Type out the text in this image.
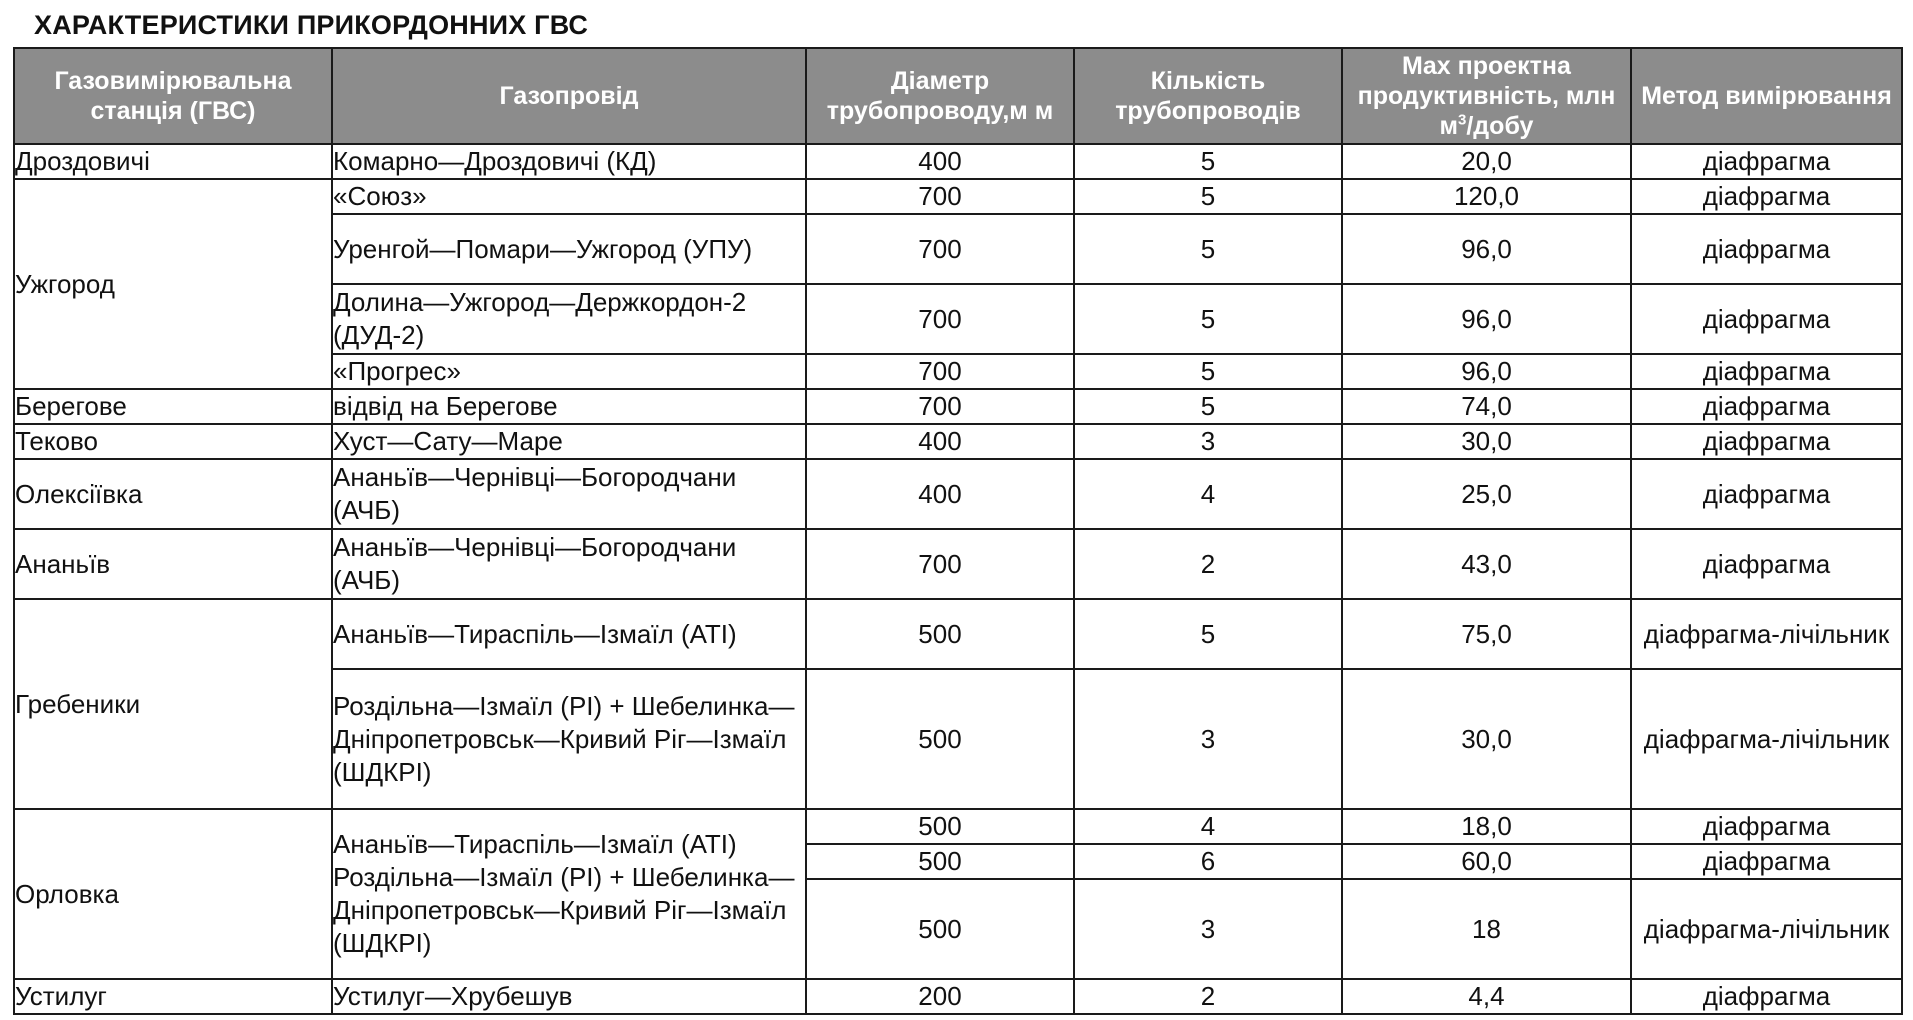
ХАРАКТЕРИСТИКИ ПРИКОРДОННИХ ГВС
Газовимірювальна станція (ГВС)	Газопровід	Діаметр трубопроводу,м м	Кількість трубопроводів	Max проектна продуктивність, млн $м^3$/добу	Метод вимірювання
Дроздовичі	Комарно—Дроздовичі (КД)	400	5	20,0	діафрагма
Ужгород	«Союз»	700	5	120,0	діафрагма
	Уренгой—Помари—Ужгород (УПУ)	700	5	96,0	діафрагма
	Долина—Ужгород—Держкордон-2 (ДУД-2)	700	5	96,0	діафрагма
	«Прогрес»	700	5	96,0	діафрагма
Берегове	відвід на Берегове	700	5	74,0	діафрагма
Теково	Хуст—Сату—Маре	400	3	30,0	діафрагма
Олексіївка	Ананьїв—Чернівці—Богородчани (АЧБ)	400	4	25,0	діафрагма
Ананьїв	Ананьїв—Чернівці—Богородчани (АЧБ)	700	2	43,0	діафрагма
Гребеники	Ананьїв—Тираспіль—Ізмаїл (АТІ)	500	5	75,0	діафрагма-лічільник
	Роздільна—Ізмаїл (РІ) + Шебелинка—Дніпропетровськ—Кривий Ріг—Ізмаїл (ШДКРІ)	500	3	30,0	діафрагма-лічільник
Орловка	Ананьїв—Тираспіль—Ізмаїл (АТІ) Роздільна—Ізмаїл (РІ) + Шебелинка—Дніпропетровськ—Кривий Ріг—Ізмаїл (ШДКРІ)	500	4	18,0	діафрагма
		500	6	60,0	діафрагма
		500	3	18	діафрагма-лічільник
Устилуг	Устилуг—Хрубешув	200	2	4,4	діафрагма
